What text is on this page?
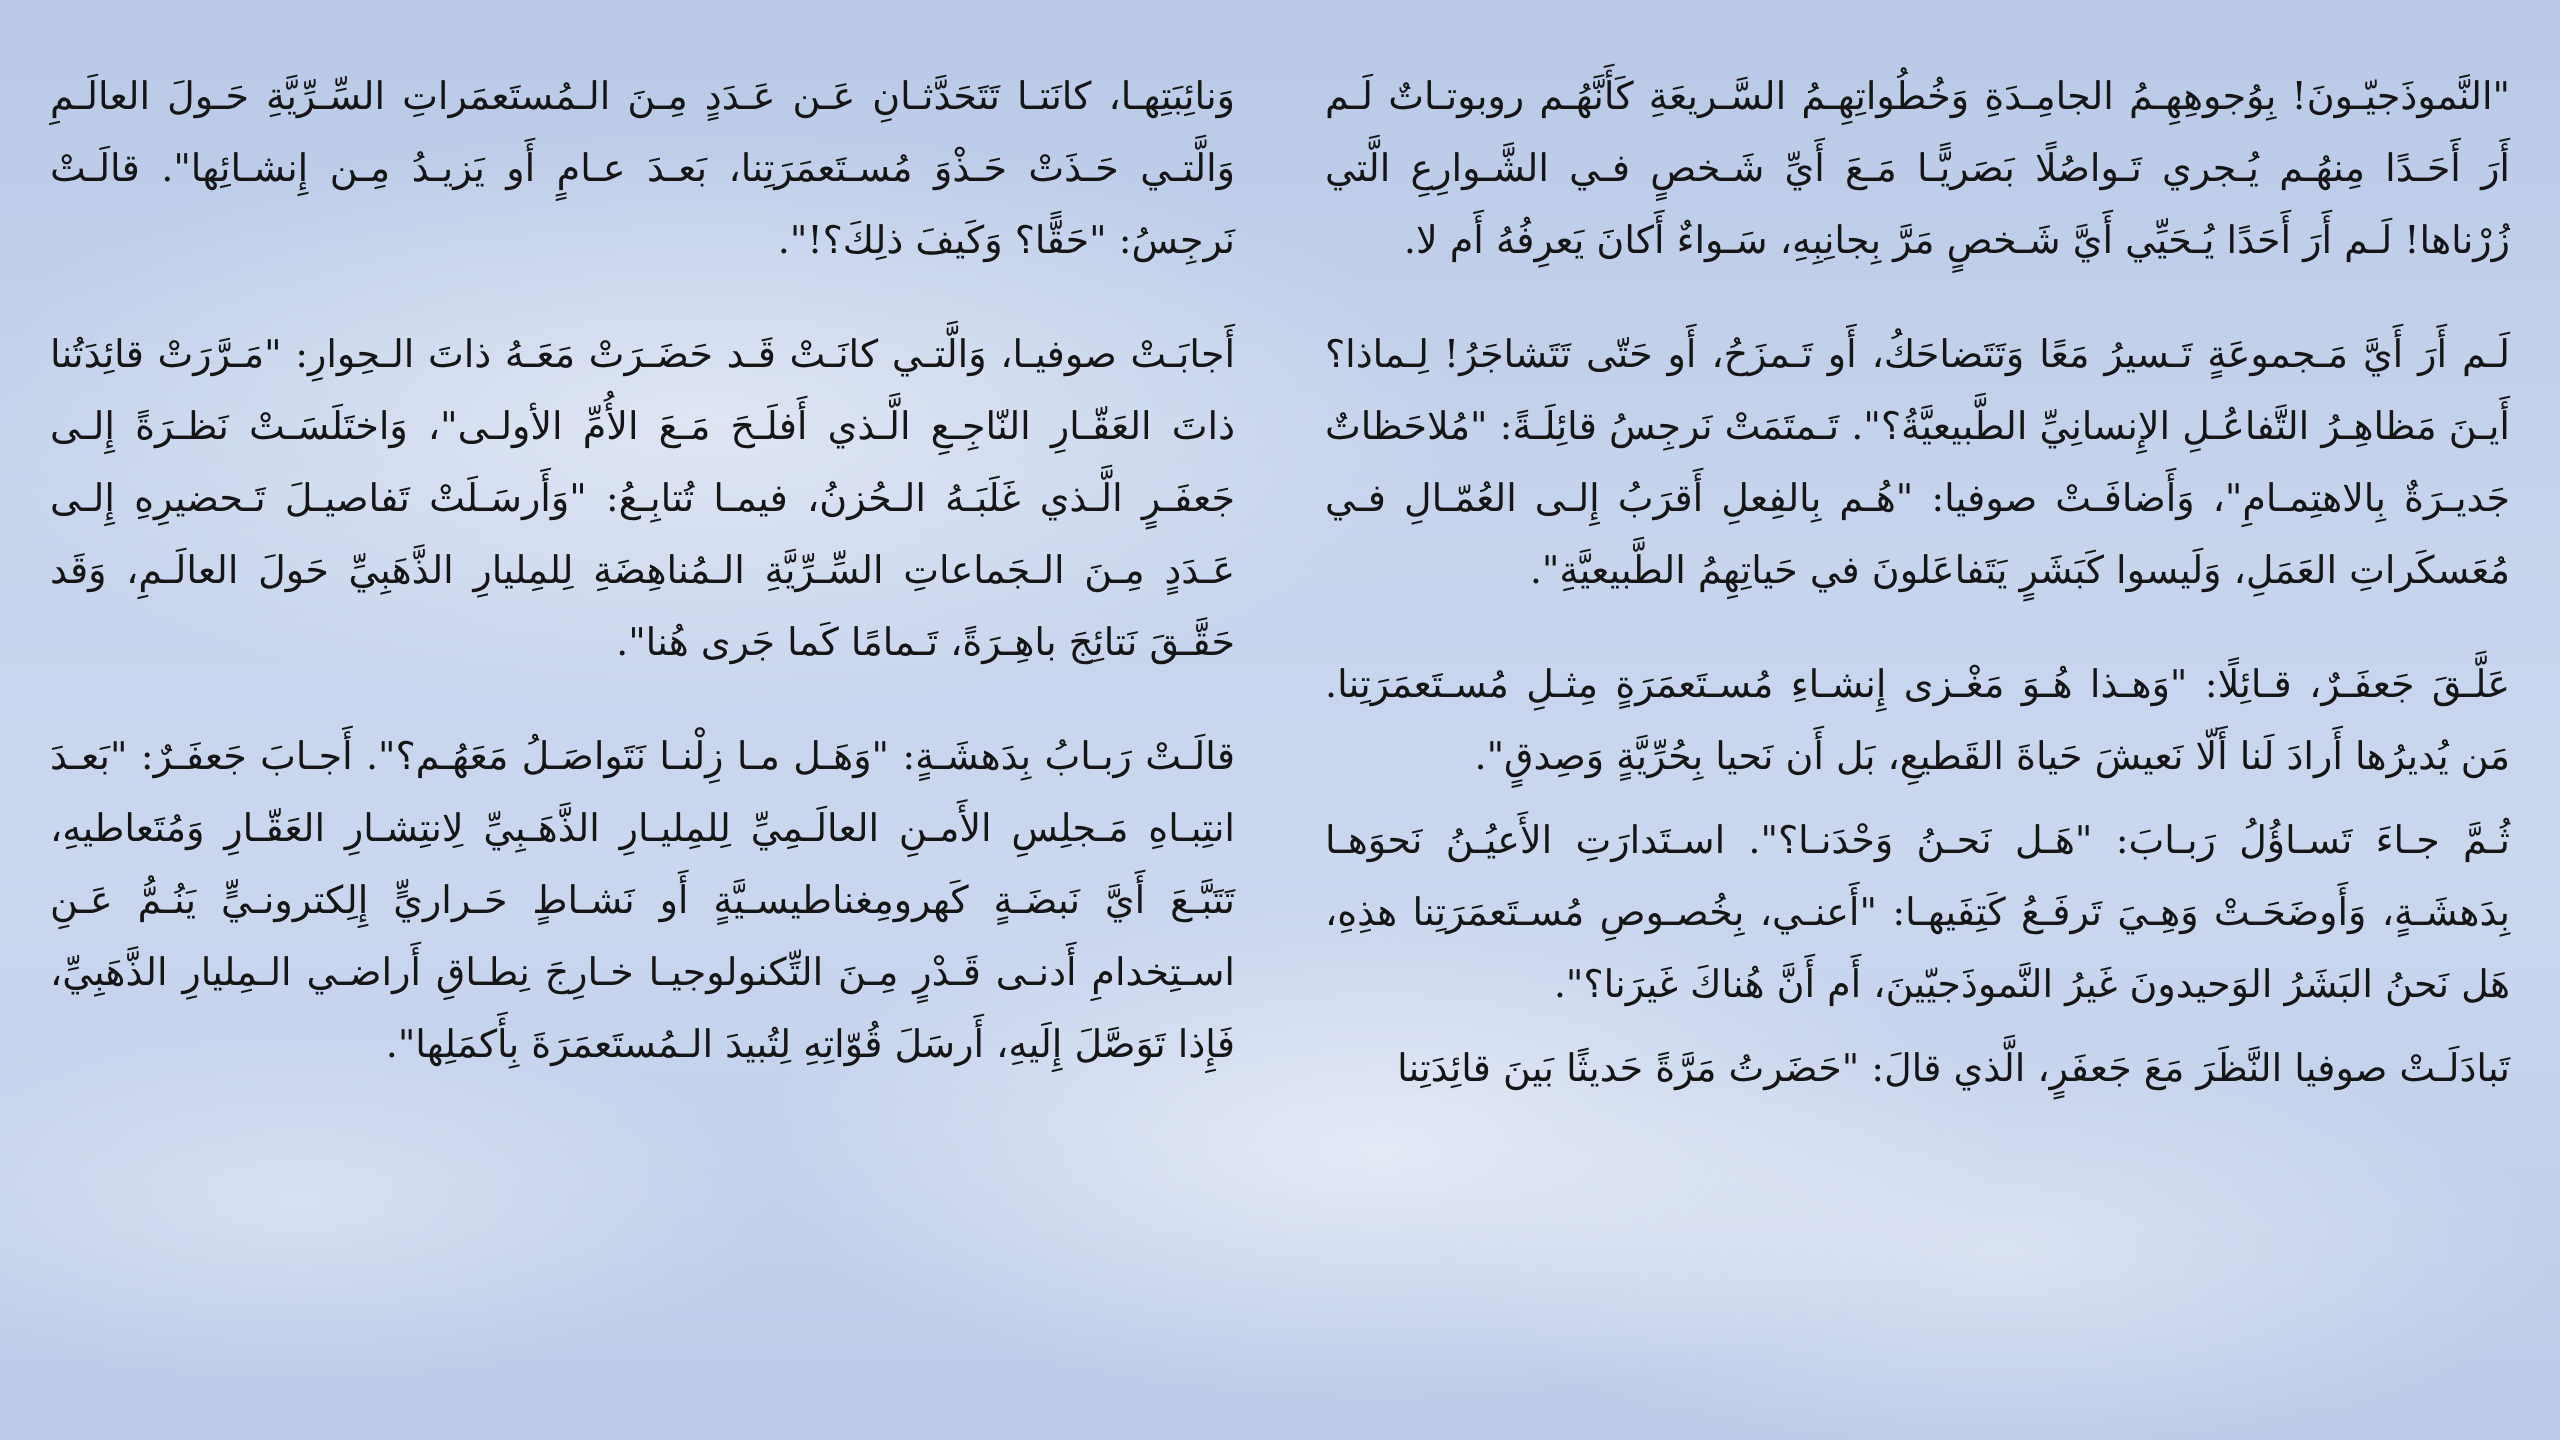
"النَّموذَجيّـونَ! بِوُجوهِهِـمُ الجامِـدَةِ وَخُطُواتِهِـمُ السَّـريعَةِ كَأَنَّهُـم روبوتـاتٌ لَـم أَرَ أَحَـدًا مِنهُـم يُـجري تَـواصُلًا بَصَريًّـا مَـعَ أَيِّ شَـخصٍ فـي الشَّـوارِعِ الَّتي زُرْناها! لَـم أَرَ أَحَدًا يُـحَيِّي أَيَّ شَـخصٍ مَرَّ بِجانِبِهِ، سَـواءٌ أَكانَ يَعرِفُهُ أَم لا.

لَـم أَرَ أَيَّ مَـجموعَةٍ تَـسيرُ مَعًا وَتَتَضاحَكُ، أَو تَـمزَحُ، أَو حَتّى تَتَشاجَرُ! لِـماذا؟ أَيـنَ مَظاهِـرُ التَّفاعُـلِ الإِنسانِيِّ الطَّبيعيَّةُ؟". تَـمتَمَتْ نَرجِسُ قائِلَـةً: "مُلاحَظاتٌ جَديـرَةٌ بِالاهتِمـامِ"، وَأَضافَـتْ صوفيا: "هُـم بِالفِعلِ أَقرَبُ إِلـى العُمّـالِ فـي مُعَسكَراتِ العَمَلِ، وَلَيسوا كَبَشَرٍ يَتَفاعَلونَ في حَياتِهِمُ الطَّبيعيَّةِ".

عَلَّـقَ جَعفَـرٌ، قـائِلًا: "وَهـذا هُـوَ مَغْـزى إِنشـاءِ مُسـتَعمَرَةٍ مِثـلِ مُسـتَعمَرَتِنا. مَن يُديرُها أَرادَ لَنا أَلّا نَعيشَ حَياةَ القَطيعِ، بَل أَن نَحيا بِحُرِّيَّةٍ وَصِدقٍ".

ثُـمَّ جـاءَ تَسـاؤُلُ رَبـابَ: "هَـل نَحـنُ وَحْدَنـا؟". اسـتَدارَتِ الأَعيُـنُ نَحوَهـا بِدَهشَـةٍ، وَأَوضَحَـتْ وَهِـيَ تَرفَـعُ كَتِفَيهـا: "أَعنـي، بِخُصـوصِ مُسـتَعمَرَتِنا هذِهِ، هَل نَحنُ البَشَرُ الوَحيدونَ غَيرُ النَّموذَجيّينَ، أَم أَنَّ هُناكَ غَيرَنا؟".

تَبادَلَـتْ صوفيا النَّظَرَ مَعَ جَعفَرٍ، الَّذي قالَ: "حَضَرتُ مَرَّةً حَديثًا بَينَ قائِدَتِنا

وَنائِبَتِهـا، كانَتـا تَتَحَدَّثـانِ عَـن عَـدَدٍ مِـنَ الـمُستَعمَراتِ السِّـرِّيَّةِ حَـولَ العالَـمِ وَالَّتـي حَـذَتْ حَـذْوَ مُسـتَعمَرَتِنا، بَعـدَ عـامٍ أَو يَزيـدُ مِـن إِنشـائِها". قالَـتْ نَرجِسُ: "حَقًّا؟ وَكَيفَ ذلِكَ؟!".

أَجابَـتْ صوفيـا، وَالَّتـي كانَـتْ قَـد حَضَـرَتْ مَعَـهُ ذاتَ الـحِوارِ: "مَـرَّرَتْ قائِدَتُنا ذاتَ العَقّـارِ النّاجِـعِ الَّـذي أَفلَـحَ مَـعَ الأُمِّ الأولـى"، وَاختَلَسَـتْ نَظـرَةً إِلـى جَعفَـرٍ الَّـذي غَلَبَـهُ الـحُزنُ، فيمـا تُتابِـعُ: "وَأَرسَـلَتْ تَفاصيـلَ تَـحضيرِهِ إِلـى عَـدَدٍ مِـنَ الـجَماعاتِ السِّـرِّيَّةِ الـمُناهِضَةِ لِلمِليارِ الذَّهَبِيِّ حَولَ العالَـمِ، وَقَد حَقَّـقَ نَتائِجَ باهِـرَةً، تَـمامًا كَما جَرى هُنا".

قالَـتْ رَبـابُ بِدَهشَـةٍ: "وَهَـل مـا زِلْنـا نَتَواصَـلُ مَعَهُـم؟". أَجـابَ جَعفَـرٌ: "بَعـدَ انتِبـاهِ مَـجلِسِ الأَمـنِ العالَـمِيِّ لِلمِليـارِ الذَّهَـبِيِّ لِانتِشـارِ العَقّـارِ وَمُتَعاطيهِ، تَتَبَّـعَ أَيَّ نَبضَـةٍ كَهرومِغناطيسـيَّةٍ أَو نَشـاطٍ حَـراريٍّ إِلِكترونـيٍّ يَنُـمُّ عَـنِ اسـتِخدامِ أَدنـى قَـدْرٍ مِـنَ التِّكنولوجيـا خـارِجَ نِطـاقِ أَراضـي الـمِليارِ الذَّهَبِيِّ، فَإِذا تَوَصَّلَ إِلَيهِ، أَرسَلَ قُوّاتِهِ لِتُبيدَ الـمُستَعمَرَةَ بِأَكمَلِها".
